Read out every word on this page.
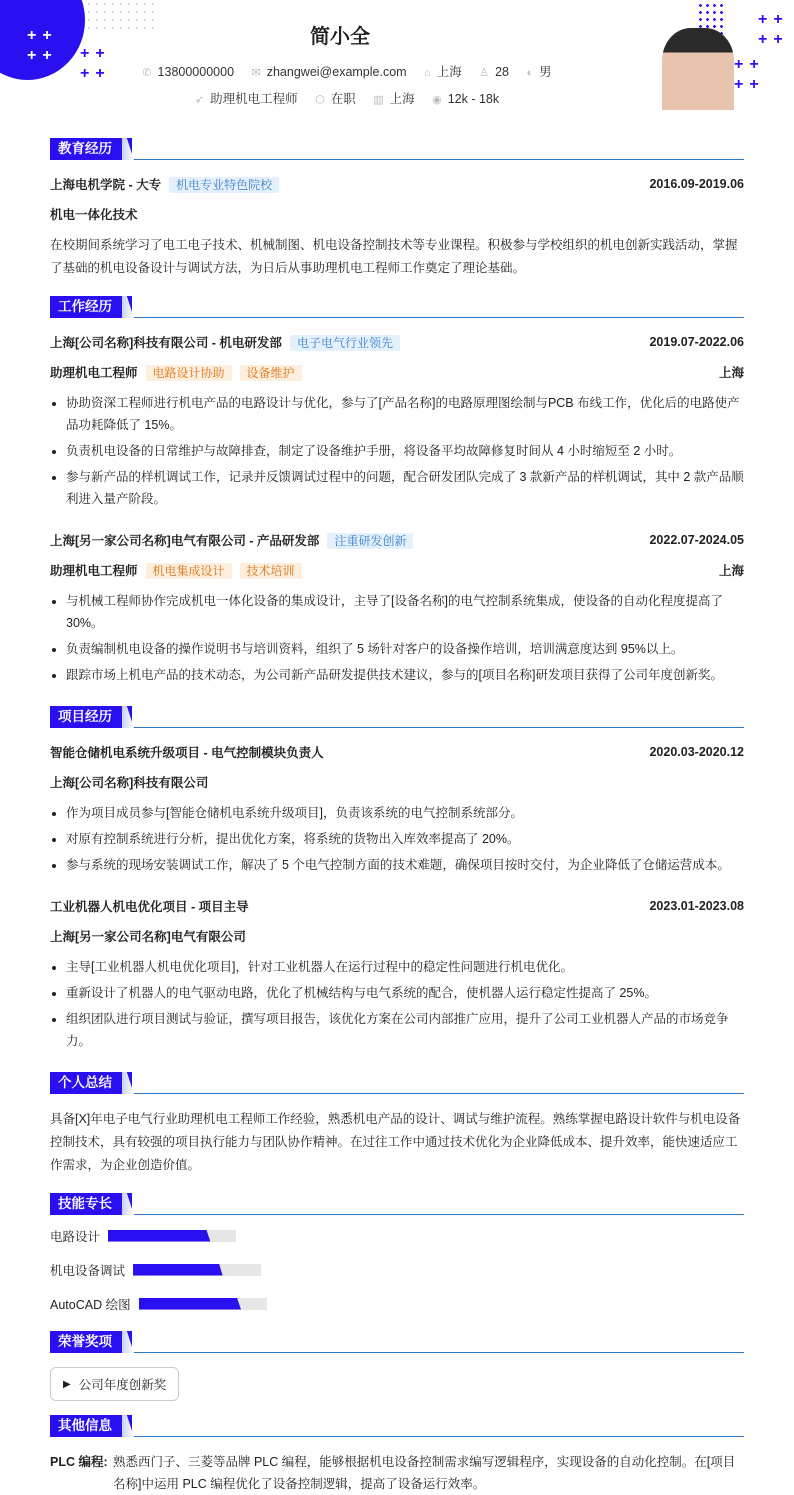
++
++ ++
++
++
++
++
++
简小全
✆ 13800000000 ✉ zhangwei@example.com ⌂ 上海 ♙ 28 ◐ 男
➶ 助理机电工程师 ⬡ 在职 ▥ 上海 ◉ 12k - 18k
教育经历
上海电机学院 - 大专 机电专业特色院校	2016.09-2019.06
机电一体化技术

在校期间系统学习了电工电子技术、机械制图、机电设备控制技术等专业课程。积极参与学校组织的机电创新实践活动，掌握了基础的机电设备设计与调试方法，为日后从事助理机电工程师工作奠定了理论基础。

工作经历
上海[公司名称]科技有限公司 - 机电研发部 电子电气行业领先	2019.07-2022.06
助理机电工程师 电路设计协助 设备维护	上海
协助资深工程师进行机电产品的电路设计与优化，参与了[产品名称]的电路原理图绘制与PCB 布线工作，优化后的电路使产品功耗降低了 15%。
负责机电设备的日常维护与故障排查，制定了设备维护手册，将设备平均故障修复时间从 4 小时缩短至 2 小时。
参与新产品的样机调试工作，记录并反馈调试过程中的问题，配合研发团队完成了 3 款新产品的样机调试，其中 2 款产品顺利进入量产阶段。
上海[另一家公司名称]电气有限公司 - 产品研发部 注重研发创新	2022.07-2024.05
助理机电工程师 机电集成设计 技术培训	上海
与机械工程师协作完成机电一体化设备的集成设计，主导了[设备名称]的电气控制系统集成，使设备的自动化程度提高了 30%。
负责编制机电设备的操作说明书与培训资料，组织了 5 场针对客户的设备操作培训，培训满意度达到 95%以上。
跟踪市场上机电产品的技术动态，为公司新产品研发提供技术建议，参与的[项目名称]研发项目获得了公司年度创新奖。
项目经历
智能仓储机电系统升级项目 - 电气控制模块负责人	2020.03-2020.12
上海[公司名称]科技有限公司
作为项目成员参与[智能仓储机电系统升级项目]，负责该系统的电气控制系统部分。
对原有控制系统进行分析，提出优化方案，将系统的货物出入库效率提高了 20%。
参与系统的现场安装调试工作，解决了 5 个电气控制方面的技术难题，确保项目按时交付，为企业降低了仓储运营成本。
工业机器人机电优化项目 - 项目主导	2023.01-2023.08
上海[另一家公司名称]电气有限公司
主导[工业机器人机电优化项目]，针对工业机器人在运行过程中的稳定性问题进行机电优化。
重新设计了机器人的电气驱动电路，优化了机械结构与电气系统的配合，使机器人运行稳定性提高了 25%。
组织团队进行项目测试与验证，撰写项目报告，该优化方案在公司内部推广应用，提升了公司工业机器人产品的市场竞争力。
个人总结

具备[X]年电子电气行业助理机电工程师工作经验，熟悉机电产品的设计、调试与维护流程。熟练掌握电路设计软件与机电设备控制技术，具有较强的项目执行能力与团队协作精神。在过往工作中通过技术优化为企业降低成本、提升效率，能快速适应工作需求，为企业创造价值。

技能专长
电路设计
机电设备调试
AutoCAD 绘图
荣誉奖项
▶ 公司年度创新奖
其他信息
PLC 编程: 熟悉西门子、三菱等品牌 PLC 编程，能够根据机电设备控制需求编写逻辑程序，实现设备的自动化控制。在[项目名称]中运用 PLC 编程优化了设备控制逻辑，提高了设备运行效率。
